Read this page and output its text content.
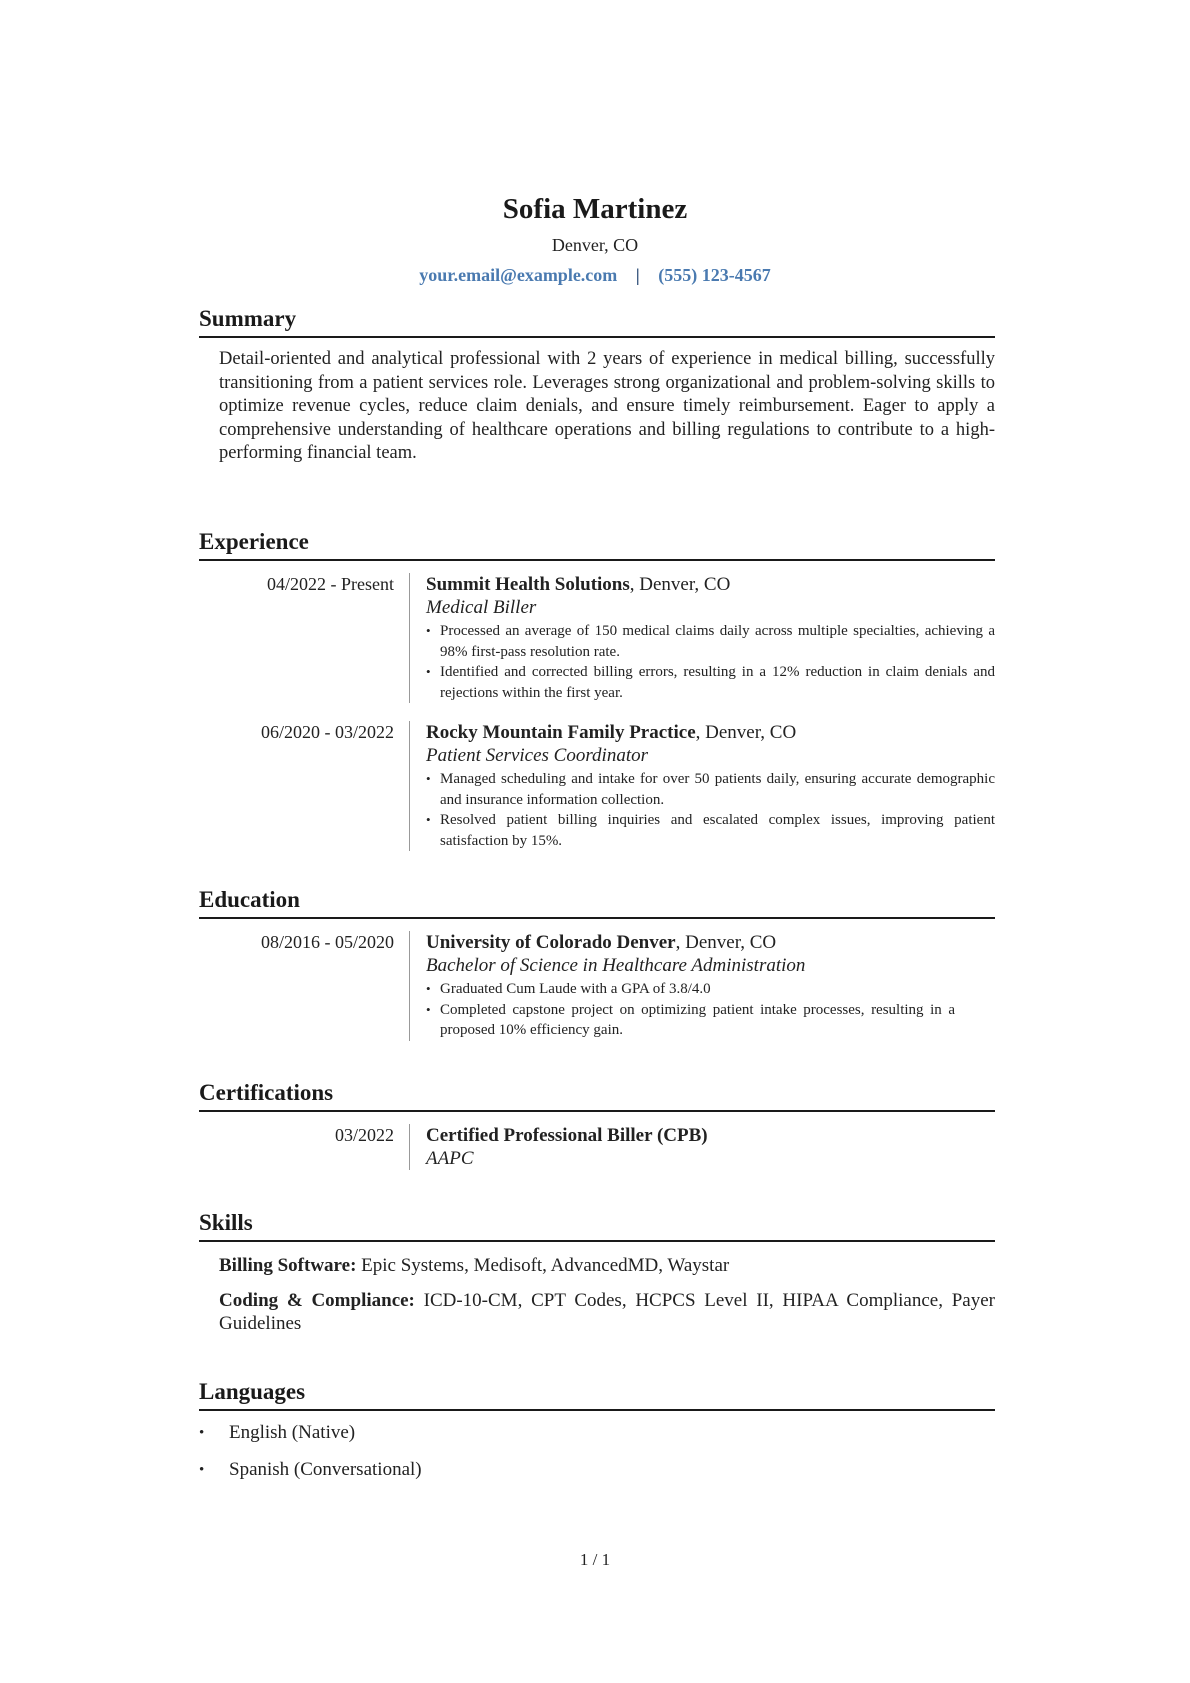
Sofia Martinez
Denver, CO
your.email@example.com | (555) 123-4567
Summary
Detail-oriented and analytical professional with 2 years of experience in medical billing, successfully transitioning from a patient services role. Leverages strong organizational and problem-solving skills to optimize revenue cycles, reduce claim denials, and ensure timely reimbursement. Eager to apply a comprehensive understanding of healthcare operations and billing regulations to contribute to a high-performing financial team.
Experience
04/2022 - Present	Summit Health Solutions, Denver, CO
Medical Biller
• Processed an average of 150 medical claims daily across multiple specialties, achieving a 98% first-pass resolution rate.
• Identified and corrected billing errors, resulting in a 12% reduction in claim denials and rejections within the first year.
06/2020 - 03/2022	Rocky Mountain Family Practice, Denver, CO
Patient Services Coordinator
• Managed scheduling and intake for over 50 patients daily, ensuring accurate demographic and insurance information collection.
• Resolved patient billing inquiries and escalated complex issues, improving patient satisfaction by 15%.
Education
08/2016 - 05/2020	University of Colorado Denver, Denver, CO
Bachelor of Science in Healthcare Administration
• Graduated Cum Laude with a GPA of 3.8/4.0
• Completed capstone project on optimizing patient intake processes, resulting in a proposed 10% efficiency gain.
Certifications
03/2022	Certified Professional Biller (CPB)
AAPC
Skills
Billing Software: Epic Systems, Medisoft, AdvancedMD, Waystar
Coding & Compliance: ICD-10-CM, CPT Codes, HCPCS Level II, HIPAA Compliance, Payer Guidelines
Languages
• English (Native)
• Spanish (Conversational)
1 / 1
